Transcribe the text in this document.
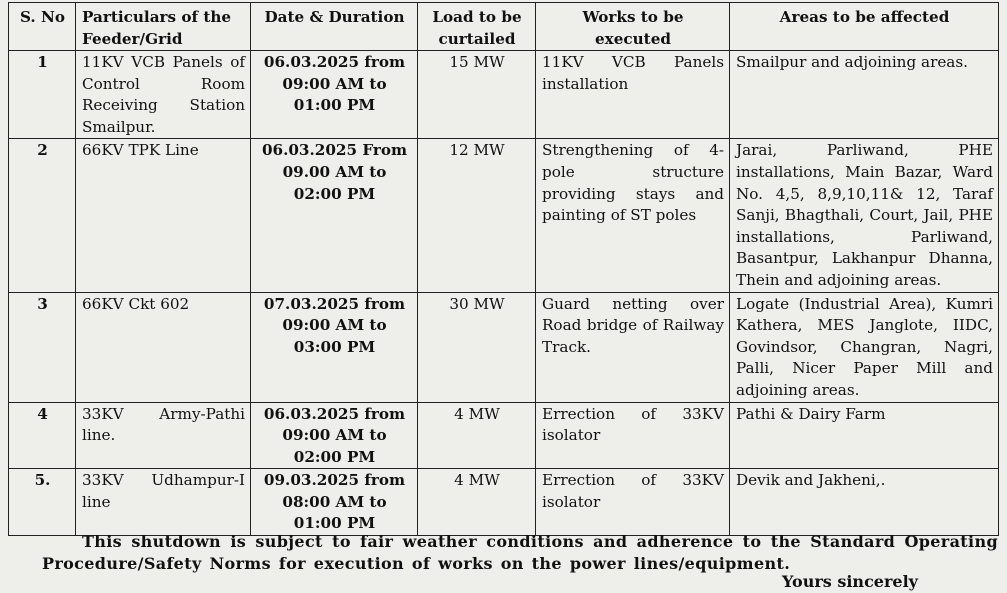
S. No	Particulars of the Feeder/Grid	Date & Duration	Load to be curtailed	Works to be executed	Areas to be affected
1	11KV VCB Panels of Control Room Receiving Station Smailpur.	06.03.2025 from 09:00 AM to 01:00 PM	15 MW	11KV VCB Panels installation	Smailpur and adjoining areas.
2	66KV TPK Line	06.03.2025 From 09.00 AM to 02:00 PM	12 MW	Strengthening of 4-pole structure providing stays and painting of ST poles	Jarai, Parliwand, PHE installations, Main Bazar, Ward No. 4,5, 8,9,10,11& 12, Taraf Sanji, Bhagthali, Court, Jail, PHE installations, Parliwand, Basantpur, Lakhanpur Dhanna, Thein and adjoining areas.
3	66KV Ckt 602	07.03.2025 from 09:00 AM to 03:00 PM	30 MW	Guard netting over Road bridge of Railway Track.	Logate (Industrial Area), Kumri Kathera, MES Janglote, IIDC, Govindsor, Changran, Nagri, Palli, Nicer Paper Mill and adjoining areas.
4	33KV Army-Pathi line.	06.03.2025 from 09:00 AM to 02:00 PM	4 MW	Errection of 33KV isolator	Pathi & Dairy Farm
5.	33KV Udhampur-I line	09.03.2025 from 08:00 AM to 01:00 PM	4 MW	Errection of 33KV isolator	Devik and Jakheni,.

This shutdown is subject to fair weather conditions and adherence to the Standard Operating Procedure/Safety Norms for execution of works on the power lines/equipment.

Yours sincerely
